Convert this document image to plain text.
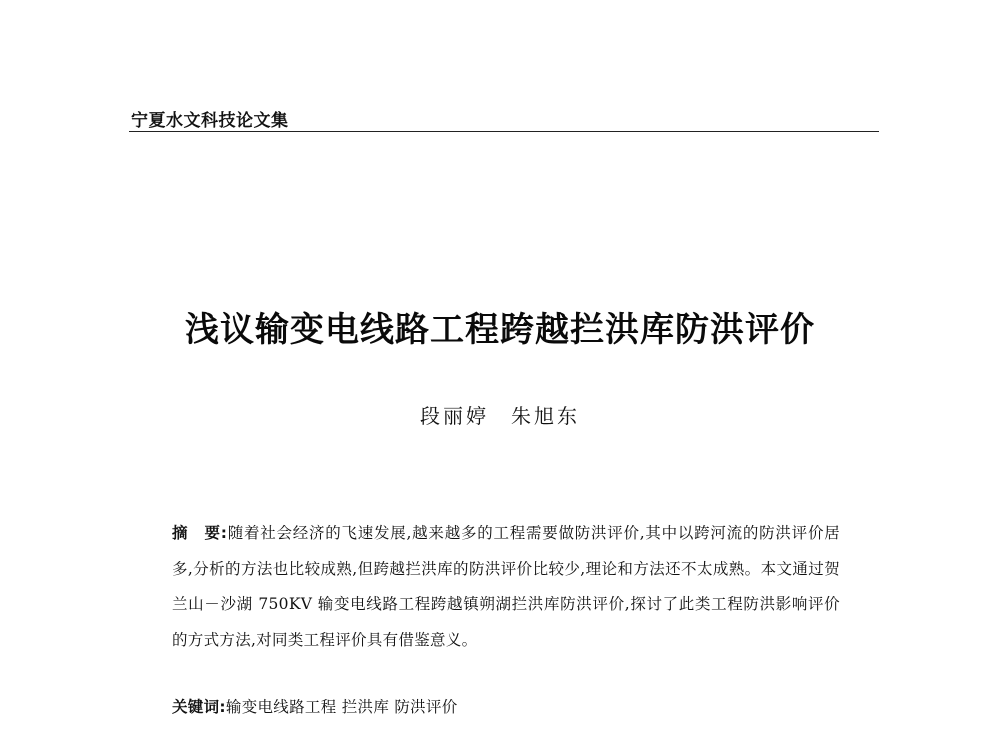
宁夏水文科技论文集
浅议输变电线路工程跨越拦洪库防洪评价
段丽婷 朱旭东
摘　要:随着社会经济的飞速发展,越来越多的工程需要做防洪评价,其中以跨河流的防洪评价居多,分析的方法也比较成熟,但跨越拦洪库的防洪评价比较少,理论和方法还不太成熟。本文通过贺兰山－沙湖 750KV 输变电线路工程跨越镇朔湖拦洪库防洪评价,探讨了此类工程防洪影响评价的方式方法,对同类工程评价具有借鉴意义。
关键词:输变电线路工程 拦洪库 防洪评价
